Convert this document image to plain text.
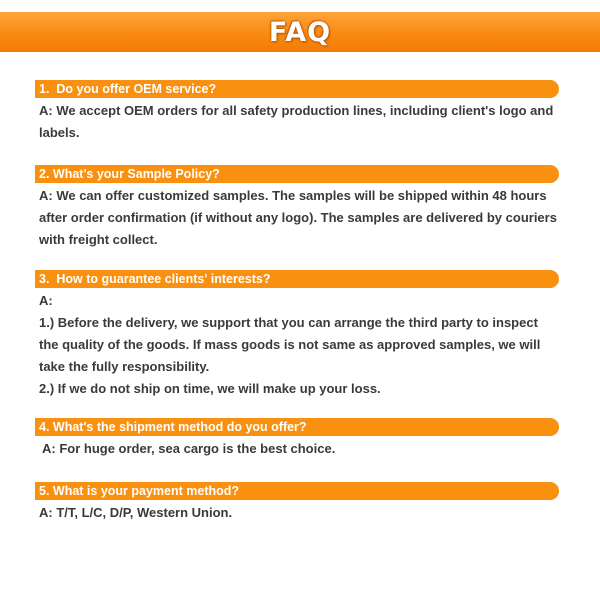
FAQ
1.  Do you offer OEM service?

A: We accept OEM orders for all safety production lines, including client's logo and labels.

2. What's your Sample Policy?

A: We can offer customized samples. The samples will be shipped within 48 hours after order confirmation (if without any logo). The samples are delivered by couriers with freight collect.

3.  How to guarantee clients' interests?

A:

1.) Before the delivery, we support that you can arrange the third party to inspect the quality of the goods. If mass goods is not same as approved samples, we will take the fully responsibility.

2.) If we do not ship on time, we will make up your loss.

4. What's the shipment method do you offer?

A: For huge order, sea cargo is the best choice.

5. What is your payment method?

A: T/T, L/C, D/P, Western Union.
